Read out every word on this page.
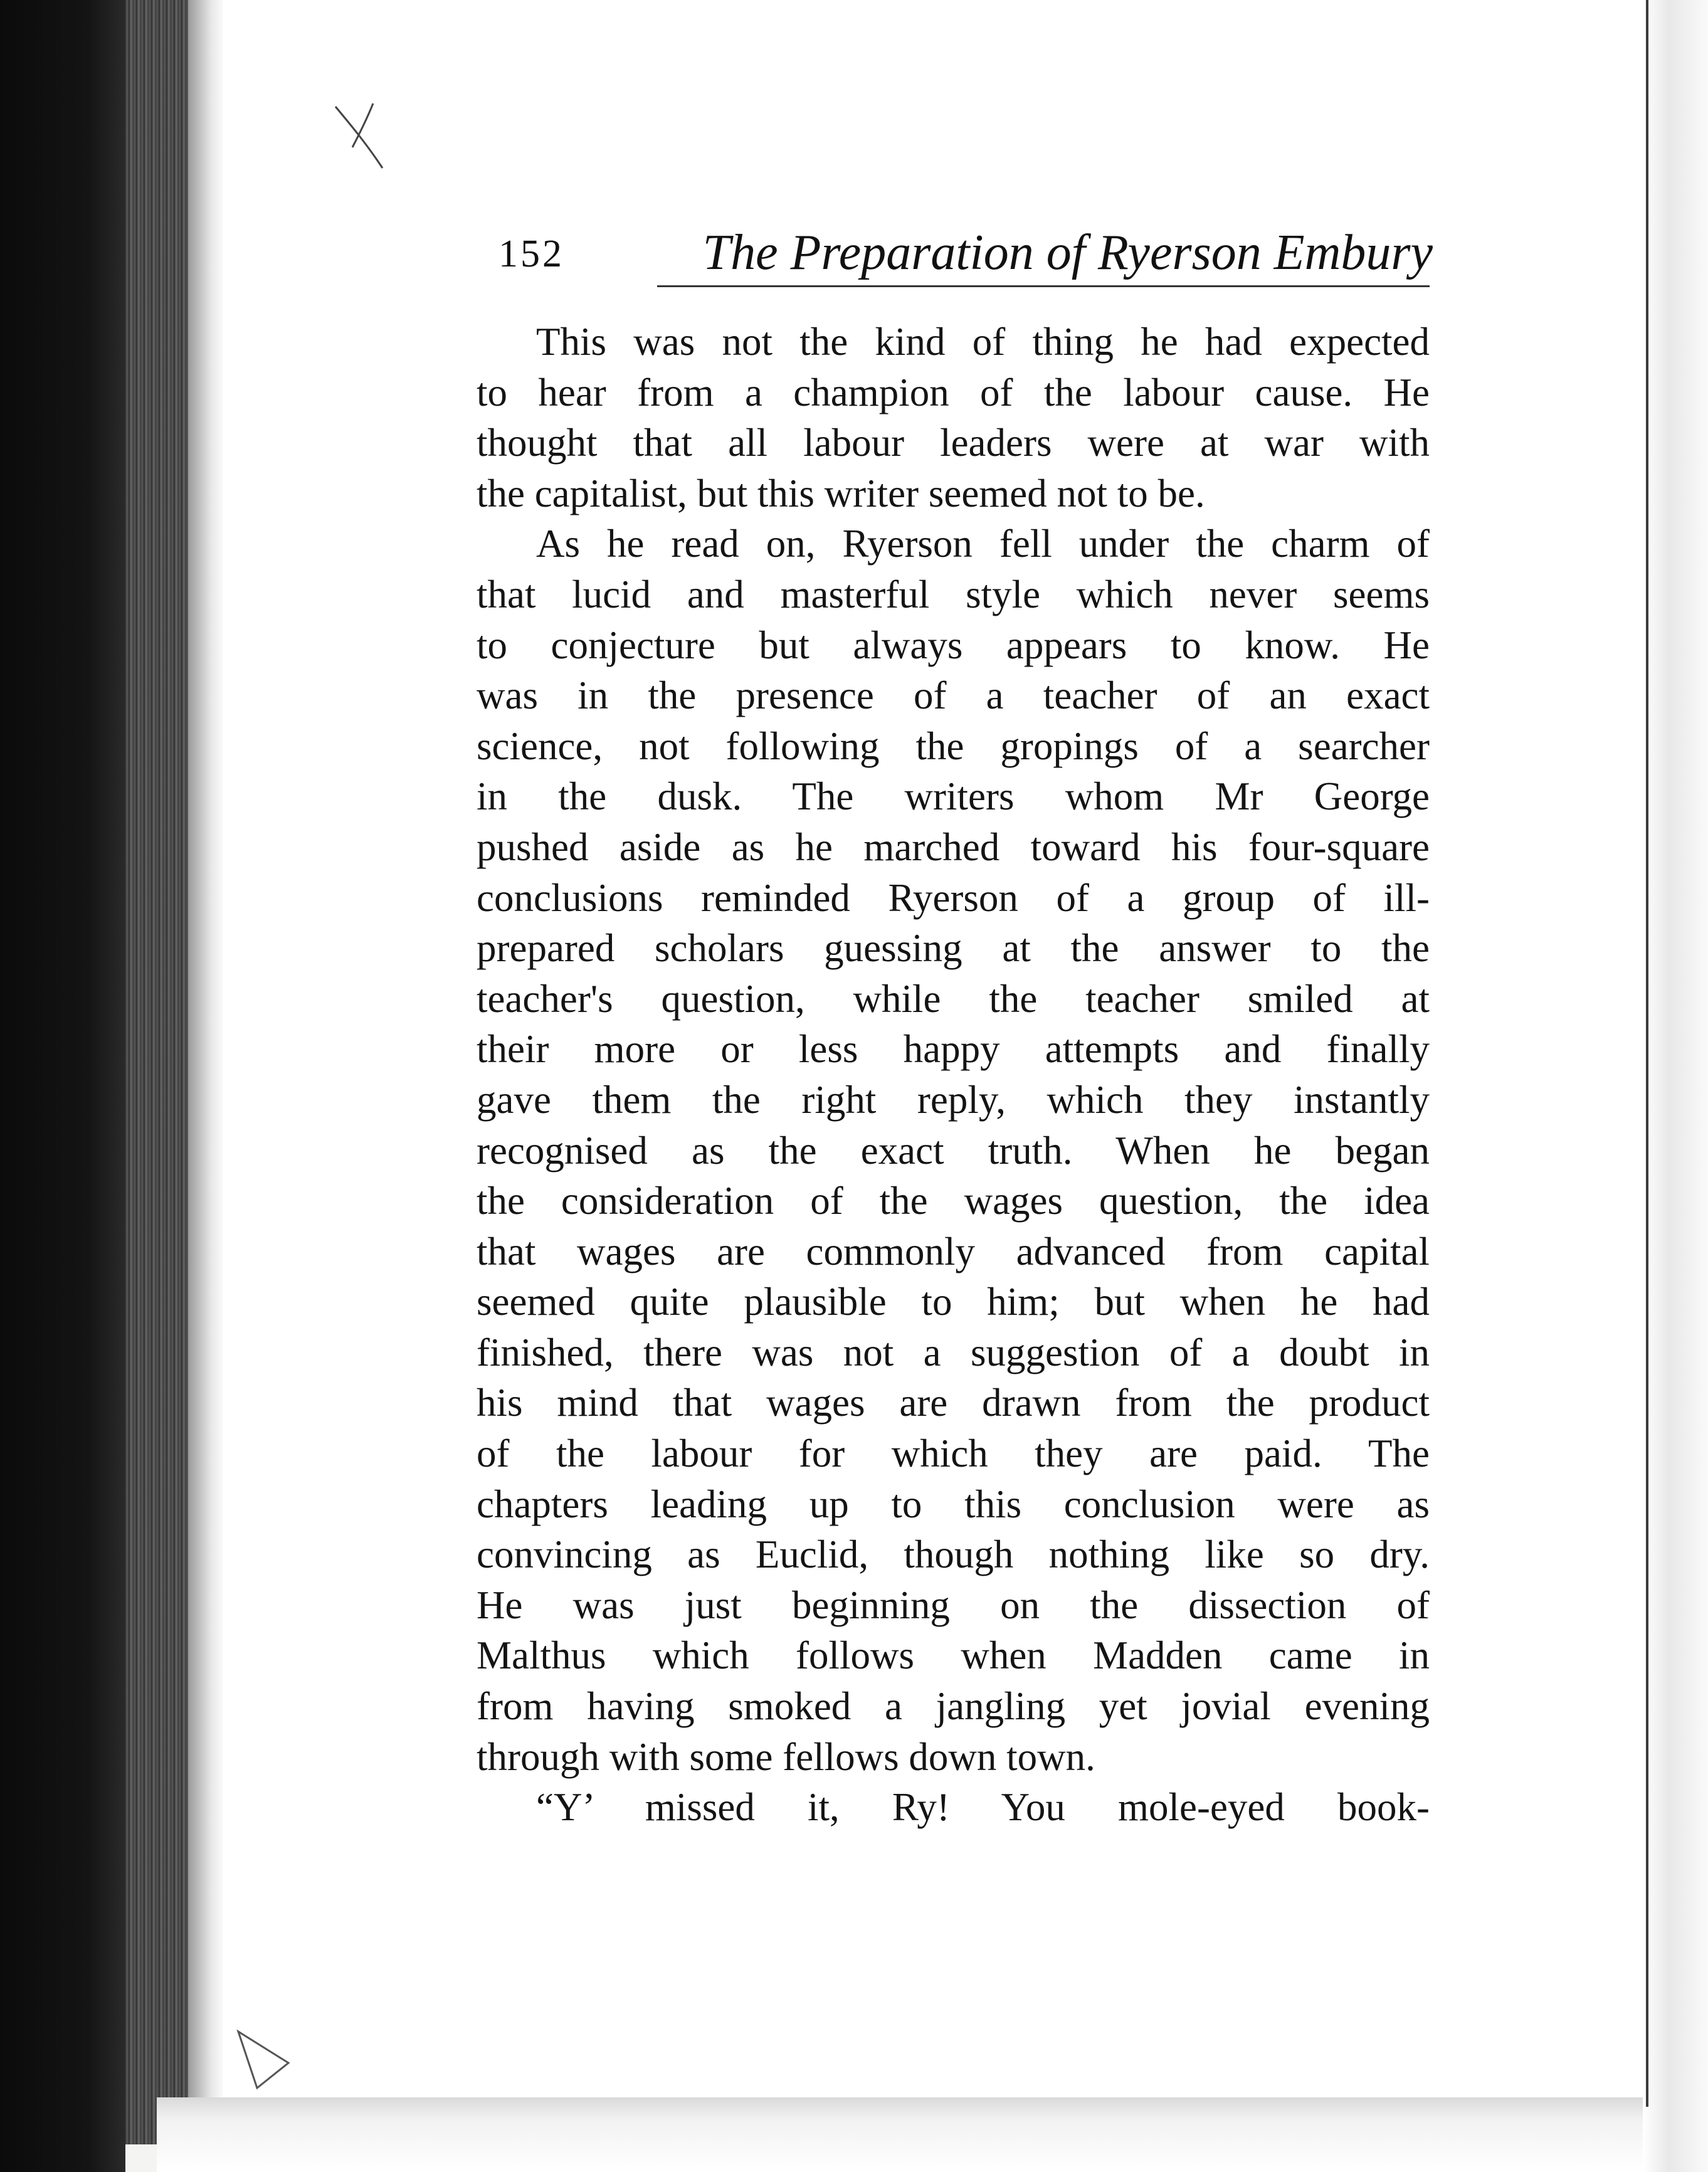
152	The Preparation of Ryerson Embury
This was not the kind of thing he had expected
to hear from a champion of the labour cause. He
thought that all labour leaders were at war with
the capitalist, but this writer seemed not to be.
As he read on, Ryerson fell under the charm of
that lucid and masterful style which never seems
to conjecture but always appears to know. He
was in the presence of a teacher of an exact
science, not following the gropings of a searcher
in the dusk. The writers whom Mr George
pushed aside as he marched toward his four-square
conclusions reminded Ryerson of a group of ill-
prepared scholars guessing at the answer to the
teacher's question, while the teacher smiled at
their more or less happy attempts and finally
gave them the right reply, which they instantly
recognised as the exact truth. When he began
the consideration of the wages question, the idea
that wages are commonly advanced from capital
seemed quite plausible to him; but when he had
finished, there was not a suggestion of a doubt in
his mind that wages are drawn from the product
of the labour for which they are paid. The
chapters leading up to this conclusion were as
convincing as Euclid, though nothing like so dry.
He was just beginning on the dissection of
Malthus which follows when Madden came in
from having smoked a jangling yet jovial evening
through with some fellows down town.
“Y’ missed it, Ry! You mole-eyed book-
